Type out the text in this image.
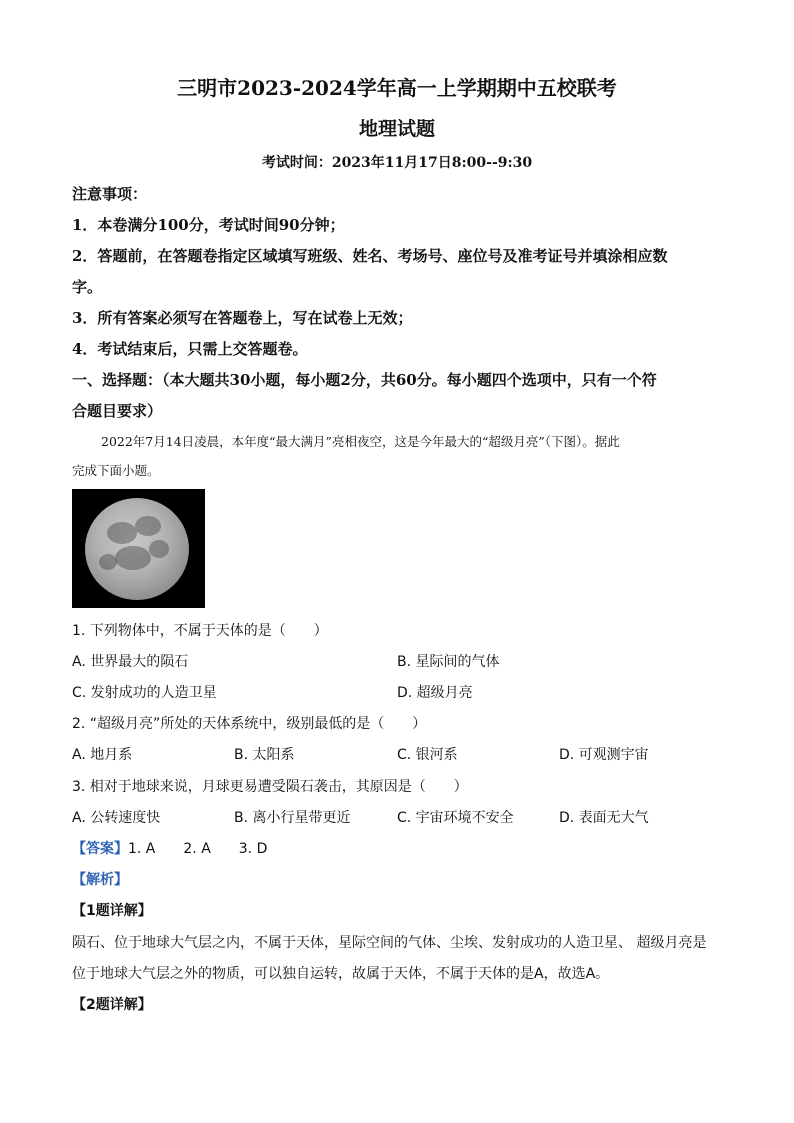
三明市2023-2024学年高一上学期期中五校联考
地理试题
考试时间：2023年11月17日8:00--9:30
注意事项：
1．本卷满分100分，考试时间90分钟；
2．答题前，在答题卷指定区域填写班级、姓名、考场号、座位号及准考证号并填涂相应数
字。
3．所有答案必须写在答题卷上，写在试卷上无效；
4．考试结束后，只需上交答题卷。
一、选择题：（本大题共30小题，每小题2分，共60分。每小题四个选项中，只有一个符
合题目要求）
2022年7月14日凌晨，本年度“最大满月”亮相夜空，这是今年最大的“超级月亮”（下图）。据此
完成下面小题。
1. 下列物体中，不属于天体的是（　　）
A. 世界最大的陨石	B. 星际间的气体
C. 发射成功的人造卫星	D. 超级月亮
2. “超级月亮”所处的天体系统中，级别最低的是（　　）
A. 地月系	B. 太阳系	C. 银河系	D. 可观测宇宙
3. 相对于地球来说，月球更易遭受陨石袭击，其原因是（　　）
A. 公转速度快	B. 离小行星带更近	C. 宇宙环境不安全	D. 表面无大气
【答案】1. A　　2. A　　3. D
【解析】
【1题详解】
陨石、位于地球大气层之内，不属于天体，星际空间的气体、尘埃、发射成功的人造卫星、 超级月亮是
位于地球大气层之外的物质，可以独自运转，故属于天体，不属于天体的是A，故选A。
【2题详解】
